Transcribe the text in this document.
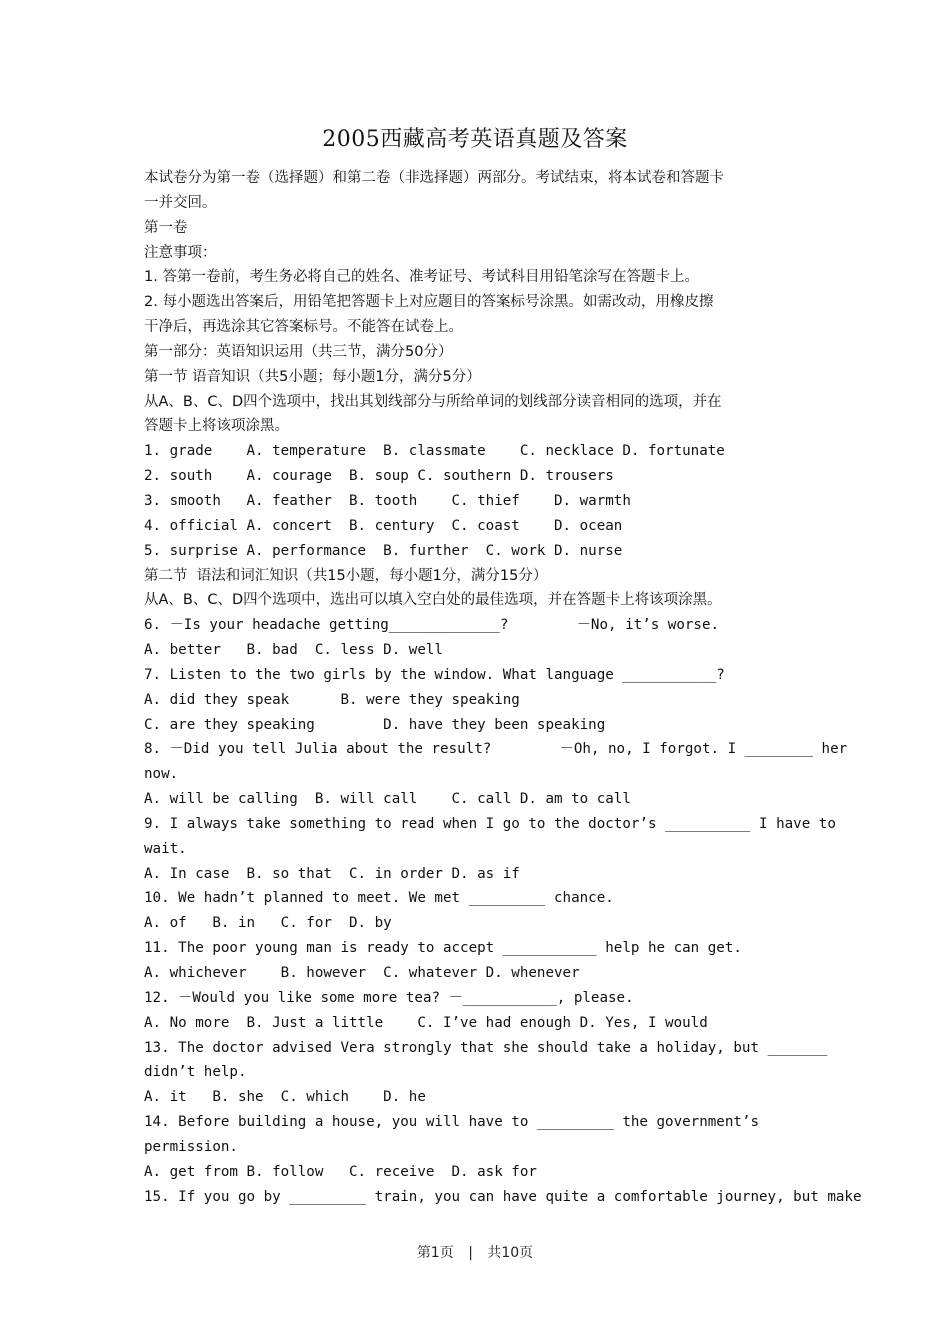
2005西藏高考英语真题及答案
本试卷分为第一卷（选择题）和第二卷（非选择题）两部分。考试结束，将本试卷和答题卡
一并交回。
第一卷
注意事项：
1. 答第一卷前，考生务必将自己的姓名、准考证号、考试科目用铅笔涂写在答题卡上。
2. 每小题选出答案后，用铅笔把答题卡上对应题目的答案标号涂黑。如需改动，用橡皮擦
干净后，再选涂其它答案标号。不能答在试卷上。
第一部分：英语知识运用（共三节，满分50分）
第一节 语音知识（共5小题；每小题1分，满分5分）
从A、B、C、D四个选项中，找出其划线部分与所给单词的划线部分读音相同的选项，并在
答题卡上将该项涂黑。
1. grade    A. temperature  B. classmate    C. necklace D. fortunate
2. south    A. courage  B. soup C. southern D. trousers
3. smooth   A. feather  B. tooth    C. thief    D. warmth
4. official A. concert  B. century  C. coast    D. ocean
5. surprise A. performance  B. further  C. work D. nurse
第二节  语法和词汇知识（共15小题，每小题1分，满分15分）
从A、B、C、D四个选项中，选出可以填入空白处的最佳选项，并在答题卡上将该项涂黑。
6. －Is your headache getting_____________?        －No, it’s worse.
A. better   B. bad  C. less D. well
7. Listen to the two girls by the window. What language ___________?
A. did they speak      B. were they speaking
C. are they speaking        D. have they been speaking
8. －Did you tell Julia about the result?        －Oh, no, I forgot. I ________ her
now.
A. will be calling  B. will call    C. call D. am to call
9. I always take something to read when I go to the doctor’s __________ I have to
wait.
A. In case  B. so that  C. in order D. as if
10. We hadn’t planned to meet. We met _________ chance.
A. of   B. in   C. for  D. by
11. The poor young man is ready to accept ___________ help he can get.
A. whichever    B. however  C. whatever D. whenever
12. －Would you like some more tea? －___________, please.
A. No more  B. Just a little    C. I’ve had enough D. Yes, I would
13. The doctor advised Vera strongly that she should take a holiday, but _______
didn’t help.
A. it   B. she  C. which    D. he
14. Before building a house, you will have to _________ the government’s
permission.
A. get from B. follow   C. receive  D. ask for
15. If you go by _________ train, you can have quite a comfortable journey, but make
第1页 | 共10页
